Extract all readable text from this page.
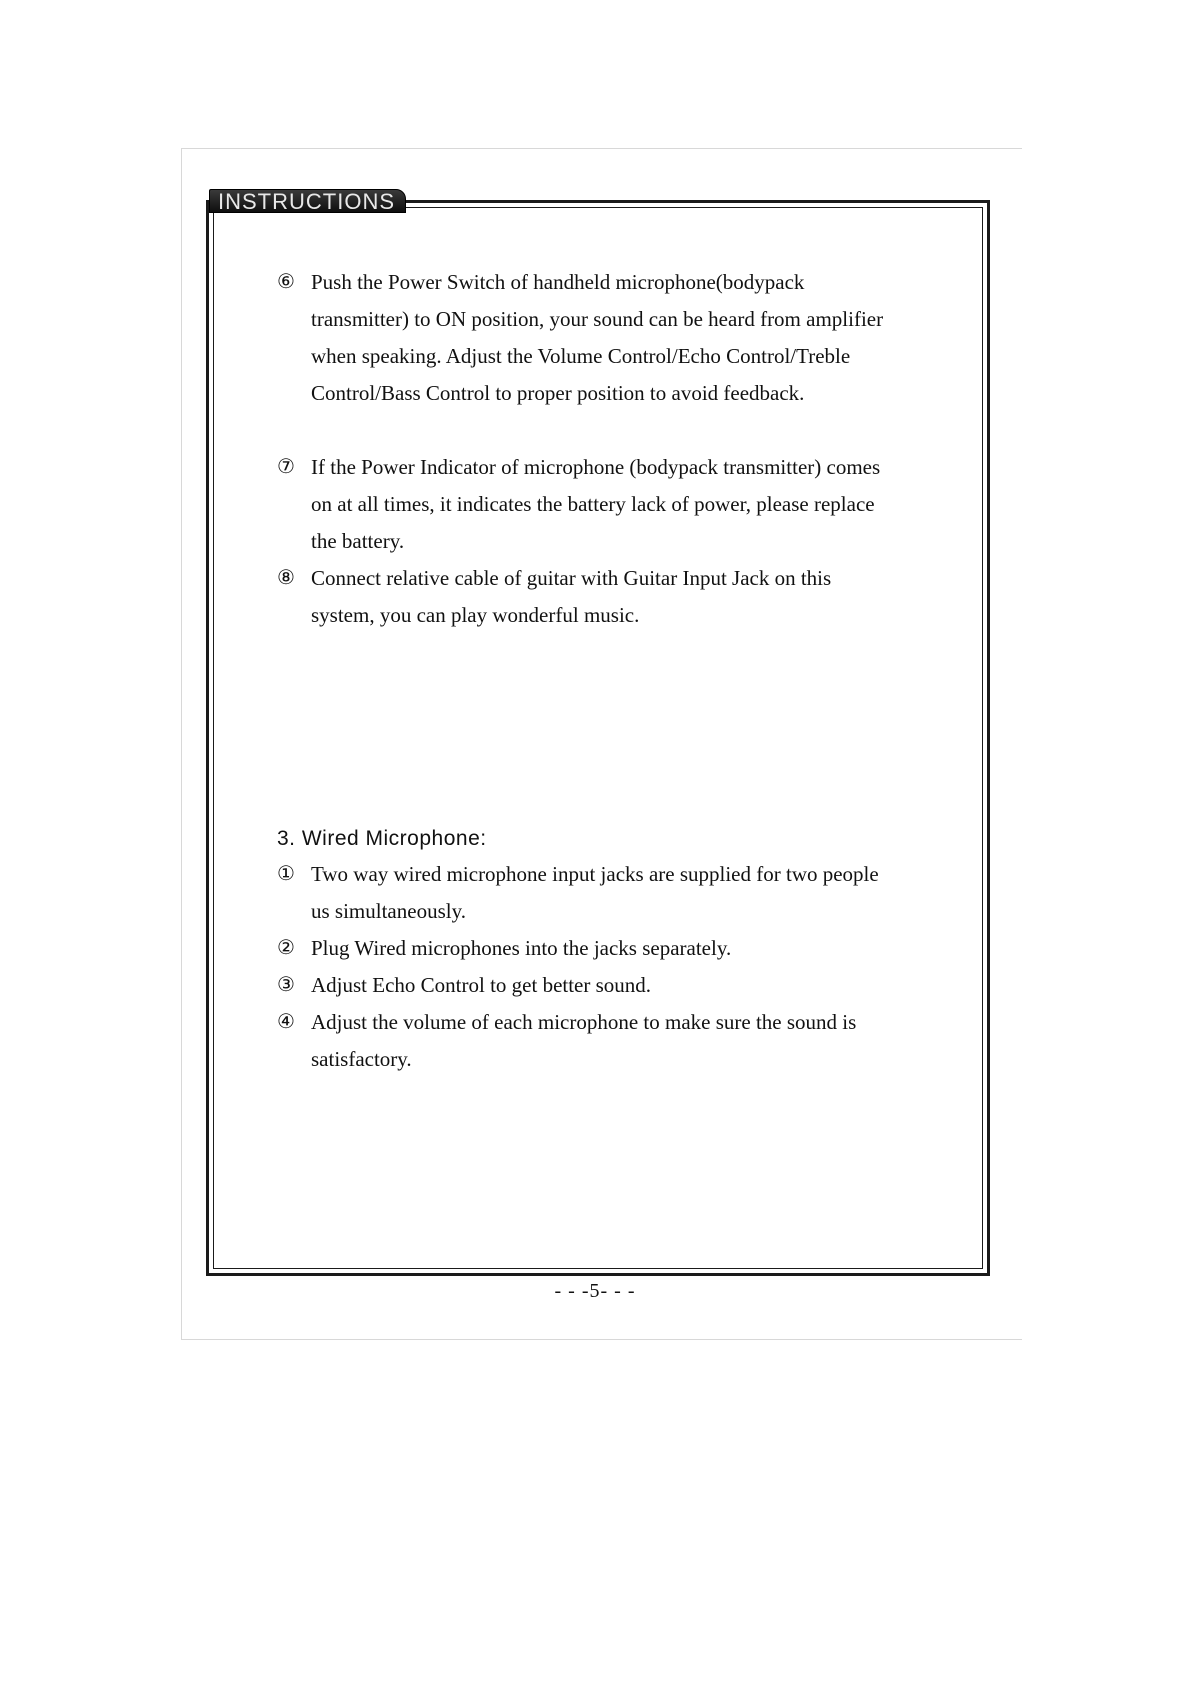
INSTRUCTIONS
⑥ Push the Power Switch of handheld microphone(bodypack transmitter) to ON position, your sound can be heard from amplifier when speaking. Adjust the Volume Control/Echo Control/Treble Control/Bass Control to proper position to avoid feedback.
⑦ If the Power Indicator of microphone (bodypack transmitter) comes on at all times, it indicates the battery lack of power, please replace the battery.
⑧ Connect relative cable of guitar with Guitar Input Jack on this system, you can play wonderful music.
3. Wired Microphone:
① Two way wired microphone input jacks are supplied for two people us simultaneously.
② Plug Wired microphones into the jacks separately.
③ Adjust Echo Control to get better sound.
④ Adjust the volume of each microphone to make sure the sound is satisfactory.
- - -5- - -
